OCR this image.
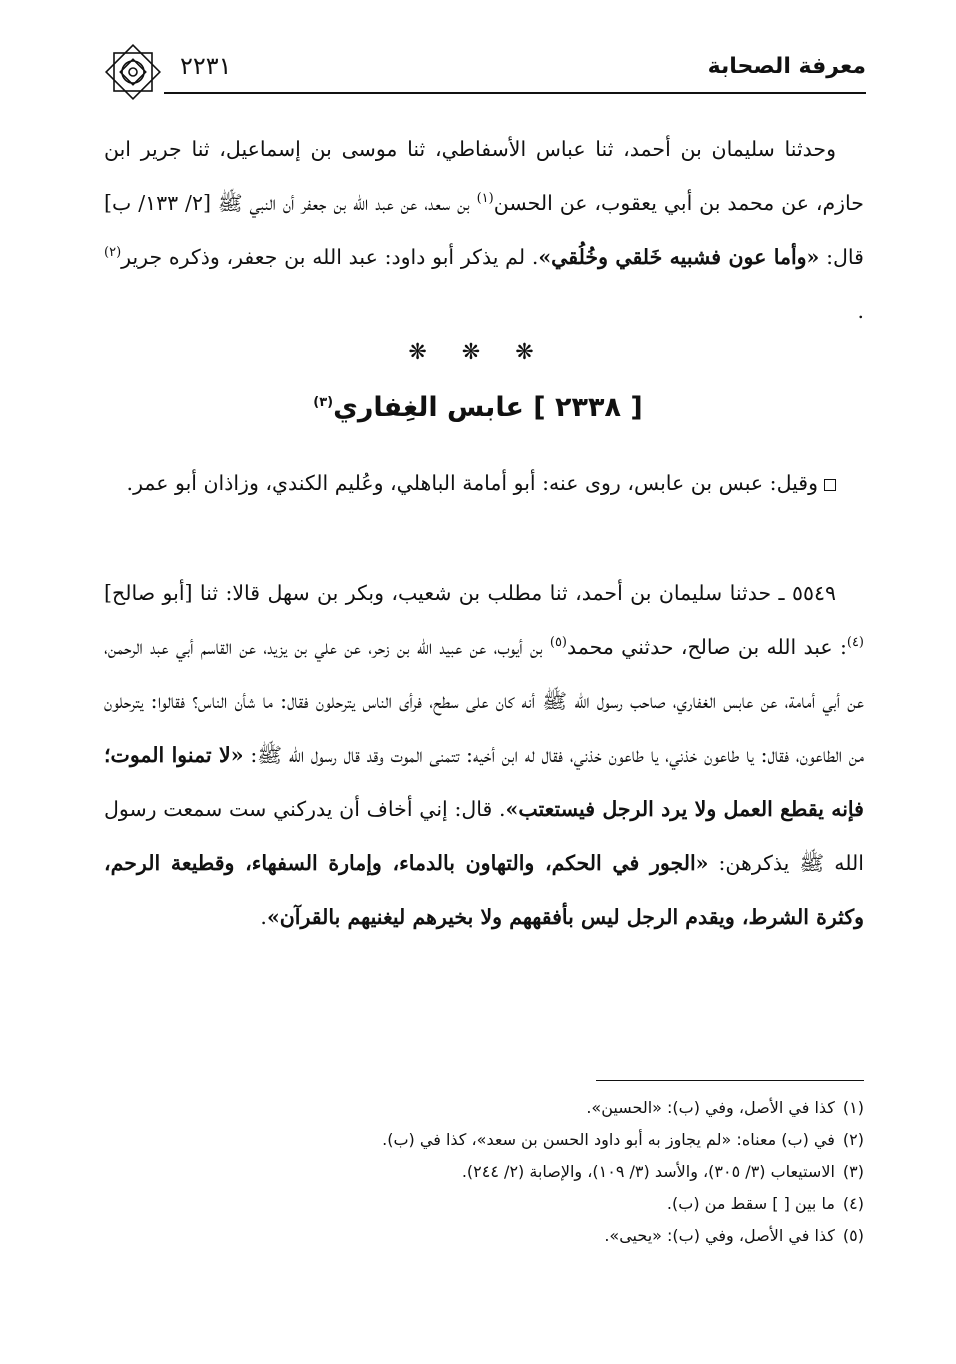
معرفة الصحابة
٢٢٣١

وحدثنا سليمان بن أحمد، ثنا عباس الأسفاطي، ثنا موسى بن إسماعيل، ثنا جرير ابن حازم، عن محمد بن أبي يعقوب، عن الحسن$^{(١)}$ بن سعد، عن عبد الله بن جعفر أن النبي ﷺ [٢/ ١٣٣/ ب] قال: «وأما عون فشبيه خَلقي وخُلُقي». لم يذكر أبو داود: عبد الله بن جعفر، وذكره جرير$^{(٢)}$ .

❋ ❋ ❋
[ ٢٣٣٨ ] عابس الغِفاري$^{(٣)}$

وقيل: عبس بن عابس، روى عنه: أبو أمامة الباهلي، وعُليم الكندي، وزاذان أبو عمر.

٥٥٤٩ ـ حدثنا سليمان بن أحمد، ثنا مطلب بن شعيب، وبكر بن سهل قالا: ثنا [أبو صالح]$^{(٤)}$: عبد الله بن صالح، حدثني محمد$^{(٥)}$ بن أيوب، عن عبيد الله بن زحر، عن علي بن يزيد، عن القاسم أبي عبد الرحمن، عن أبي أمامة، عن عابس الغفاري، صاحب رسول الله ﷺ أنه كان على سطح، فرأى الناس يترحلون فقال: ما شأن الناس؟ فقالوا: يترحلون من الطاعون، فقال: يا طاعون خذني، يا طاعون خذني، فقال له ابن أخيه: تتمنى الموت وقد قال رسول الله ﷺ: «لا تمنوا الموت؛ فإنه يقطع العمل ولا يرد الرجل فيستعتب». قال: إني أخاف أن يدركني ست سمعت رسول الله ﷺ يذكرهن: «الجور في الحكم، والتهاون بالدماء، وإمارة السفهاء، وقطيعة الرحم، وكثرة الشرط، ويقدم الرجل ليس بأفقههم ولا بخيرهم ليغنيهم بالقرآن».

(١)كذا في الأصل، وفي (ب): «الحسين».
(٢)في (ب) معناه: «لم يجاوز به أبو داود الحسن بن سعد»، كذا في (ب).
(٣)الاستيعاب (٣/ ٣٠٥)، والأسد (٣/ ١٠٩)، والإصابة (٢/ ٢٤٤).
(٤)ما بين [ ] سقط من (ب).
(٥)كذا في الأصل، وفي (ب): «يحيى».
